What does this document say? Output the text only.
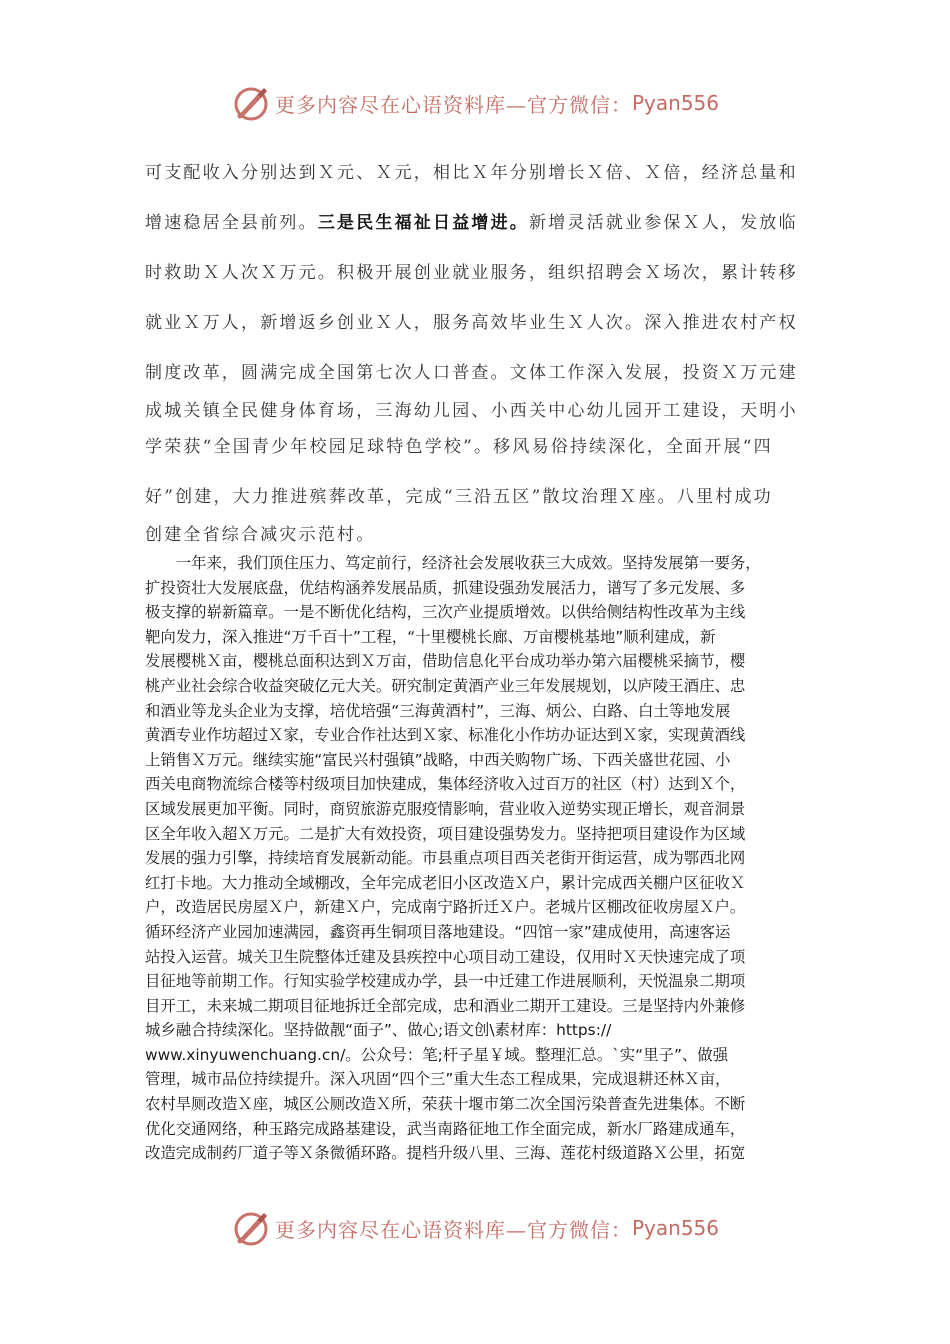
更多内容尽在心语资料库—官方微信： Pyan556
可支配收入分别达到Ｘ元、Ｘ元，相比Ｘ年分别增长Ｘ倍、Ｘ倍，经济总量和
增速稳居全县前列。三是民生福祉日益增进。新增灵活就业参保Ｘ人，发放临
时救助Ｘ人次Ｘ万元。积极开展创业就业服务，组织招聘会Ｘ场次，累计转移
就业Ｘ万人，新增返乡创业Ｘ人，服务高效毕业生Ｘ人次。深入推进农村产权
制度改革，圆满完成全国第七次人口普查。文体工作深入发展，投资Ｘ万元建
成城关镇全民健身体育场，三海幼儿园、小西关中心幼儿园开工建设，天明小
学荣获“全国青少年校园足球特色学校”。移风易俗持续深化，全面开展“四
好”创建，大力推进殡葬改革，完成“三沿五区”散坟治理Ｘ座。八里村成功
创建全省综合减灾示范村。
　　一年来，我们顶住压力、笃定前行，经济社会发展收获三大成效。坚持发展第一要务，
扩投资壮大发展底盘，优结构涵养发展品质，抓建设强劲发展活力，谱写了多元发展、多
极支撑的崭新篇章。一是不断优化结构，三次产业提质增效。以供给侧结构性改革为主线
靶向发力，深入推进“万千百十”工程，“十里樱桃长廊、万亩樱桃基地”顺利建成，新
发展樱桃Ｘ亩，樱桃总面积达到Ｘ万亩，借助信息化平台成功举办第六届樱桃采摘节，樱
桃产业社会综合收益突破亿元大关。研究制定黄酒产业三年发展规划，以庐陵王酒庄、忠
和酒业等龙头企业为支撑，培优培强“三海黄酒村”，三海、炳公、白路、白土等地发展
黄酒专业作坊超过Ｘ家，专业合作社达到Ｘ家、标准化小作坊办证达到Ｘ家，实现黄酒线
上销售Ｘ万元。继续实施“富民兴村强镇”战略，中西关购物广场、下西关盛世花园、小
西关电商物流综合楼等村级项目加快建成，集体经济收入过百万的社区（村）达到Ｘ个，
区域发展更加平衡。同时，商贸旅游克服疫情影响，营业收入逆势实现正增长，观音洞景
区全年收入超Ｘ万元。二是扩大有效投资，项目建设强势发力。坚持把项目建设作为区域
发展的强力引擎，持续培育发展新动能。市县重点项目西关老街开街运营，成为鄂西北网
红打卡地。大力推动全域棚改，全年完成老旧小区改造Ｘ户，累计完成西关棚户区征收Ｘ
户，改造居民房屋Ｘ户，新建Ｘ户，完成南宁路折迁Ｘ户。老城片区棚改征收房屋Ｘ户。
循环经济产业园加速满园，鑫资再生铜项目落地建设。“四馆一家”建成使用，高速客运
站投入运营。城关卫生院整体迁建及县疾控中心项目动工建设，仅用时Ｘ天快速完成了项
目征地等前期工作。行知实验学校建成办学，县一中迁建工作进展顺利，天悦温泉二期项
目开工，未来城二期项目征地拆迁全部完成，忠和酒业二期开工建设。三是坚持内外兼修
城乡融合持续深化。坚持做靓“面子”、做心;语文创\素材库：https://
www.xinyuwenchuang.cn/。公众号：笔;杆子星￥域。整理汇总。`实“里子”、做强
管理，城市品位持续提升。深入巩固“四个三”重大生态工程成果，完成退耕还林Ｘ亩，
农村旱厕改造Ｘ座，城区公厕改造Ｘ所，荣获十堰市第二次全国污染普查先进集体。不断
优化交通网络，种玉路完成路基建设，武当南路征地工作全面完成，新水厂路建成通车，
改造完成制药厂道子等Ｘ条微循环路。提档升级八里、三海、莲花村级道路Ｘ公里，拓宽
更多内容尽在心语资料库—官方微信： Pyan556
